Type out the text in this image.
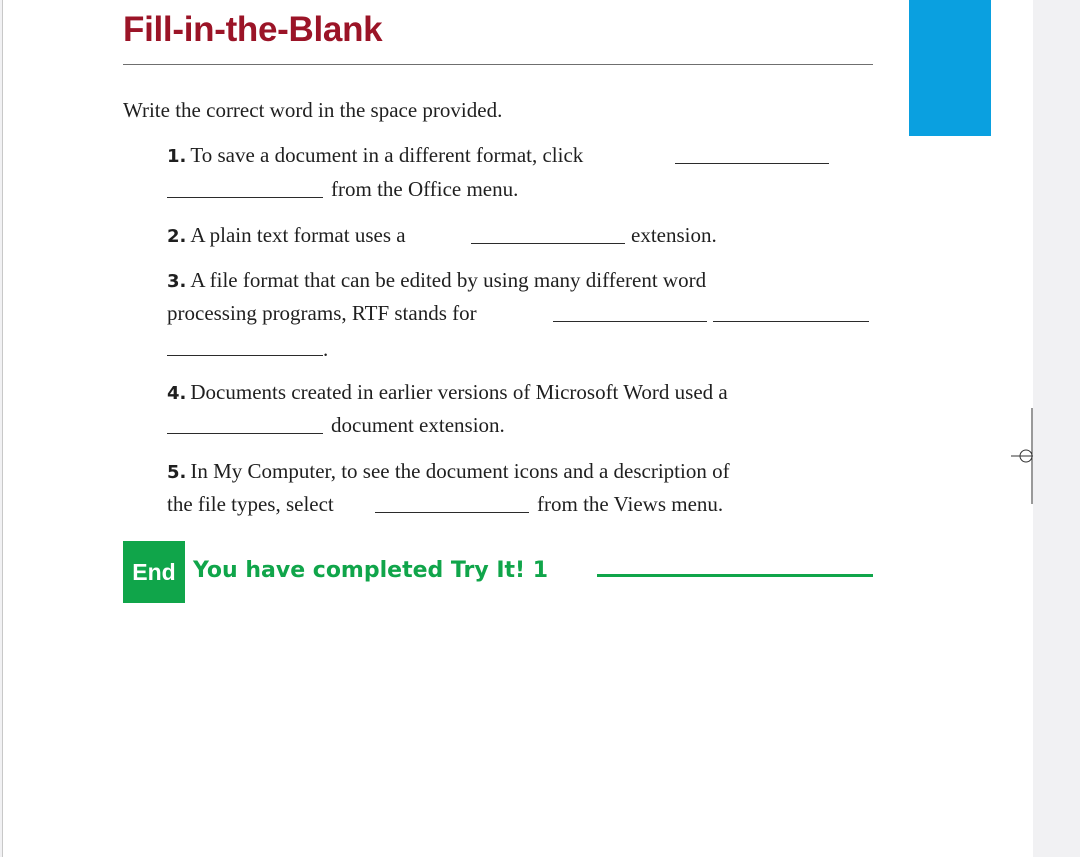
Fill-in-the-Blank
Write the correct word in the space provided.
1. To save a document in a different format, click
from the Office menu.
2. A plain text format uses a	extension.
3. A file format that can be edited by using many different word
processing programs, RTF stands for
.
4. Documents created in earlier versions of Microsoft Word used a
document extension.
5. In My Computer, to see the document icons and a description of
the file types, select	from the Views menu.
End You have completed Try It! 1
